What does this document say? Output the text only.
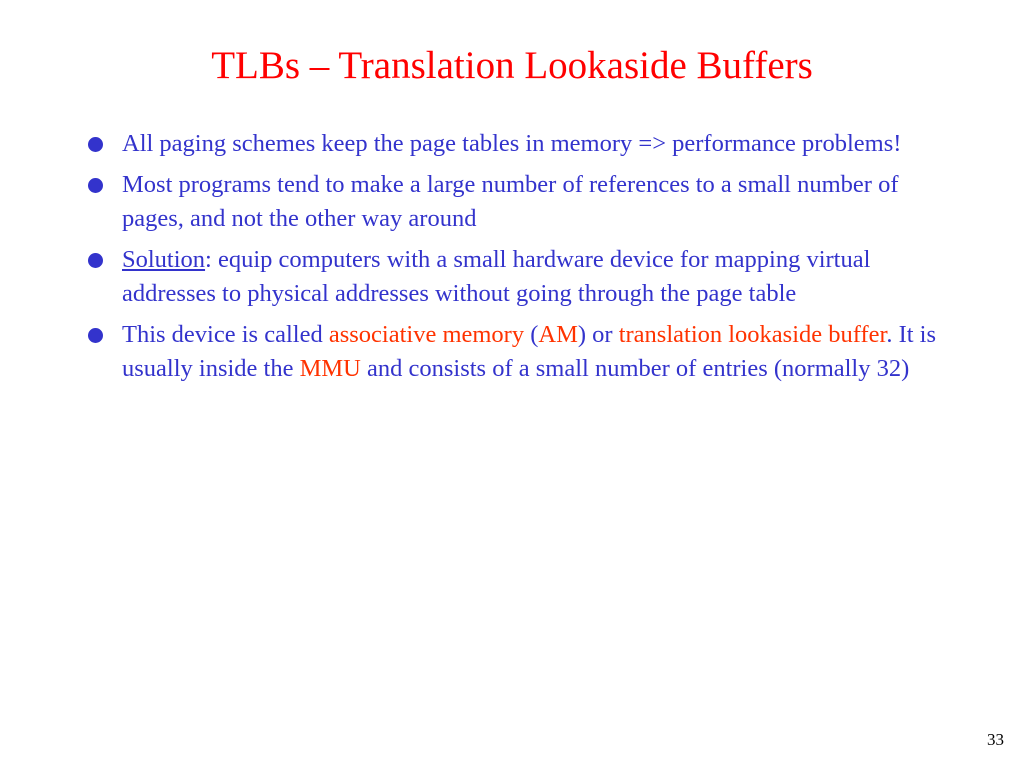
TLBs – Translation Lookaside Buffers
All paging schemes keep the page tables in memory => performance problems!
Most programs tend to make a large number of references to a small number of pages, and not the other way around
Solution: equip computers with a small hardware device for mapping virtual addresses to physical addresses without going through the page table
This device is called associative memory (AM) or translation lookaside buffer. It is usually inside the MMU and consists of a small number of entries (normally 32)
33
